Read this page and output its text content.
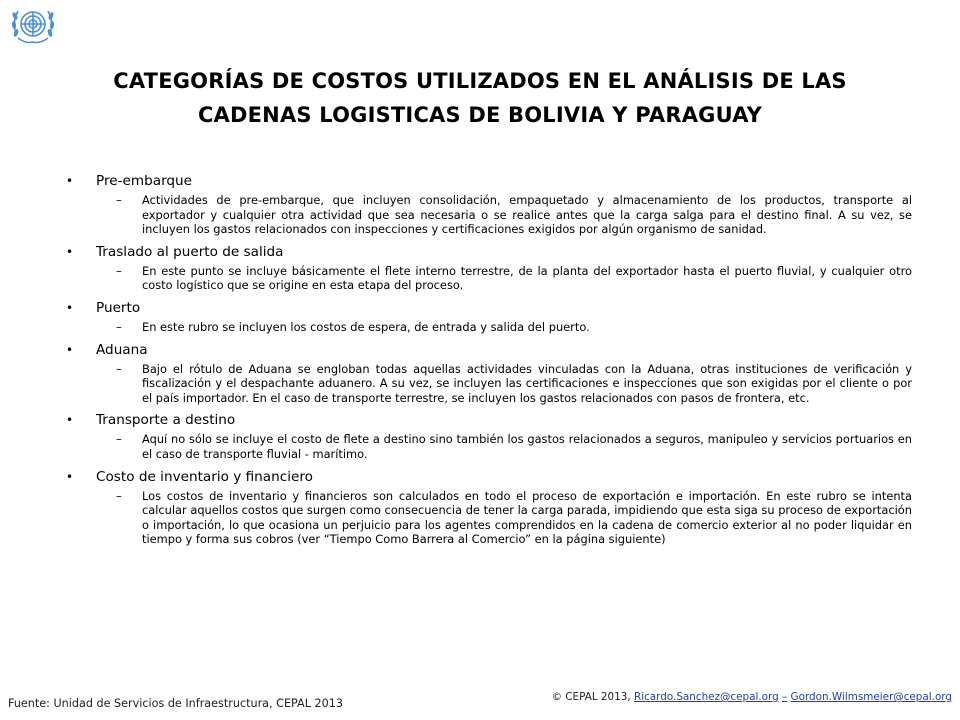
CATEGORÍAS DE COSTOS UTILIZADOS EN EL ANÁLISIS DE LAS
CADENAS LOGISTICAS DE BOLIVIA Y PARAGUAY
• Pre-embarque
– Actividades de pre-embarque, que incluyen consolidación, empaquetado y almacenamiento de los productos, transporte al exportador y cualquier otra actividad que sea necesaria o se realice antes que la carga salga para el destino final. A su vez, se incluyen los gastos relacionados con inspecciones y certificaciones exigidos por algún organismo de sanidad.
• Traslado al puerto de salida
– En este punto se incluye básicamente el flete interno terrestre, de la planta del exportador hasta el puerto fluvial, y cualquier otro costo logístico que se origine en esta etapa del proceso.
• Puerto
– En este rubro se incluyen los costos de espera, de entrada y salida del puerto.
• Aduana
– Bajo el rótulo de Aduana se engloban todas aquellas actividades vinculadas con la Aduana, otras instituciones de verificación y fiscalización y el despachante aduanero. A su vez, se incluyen las certificaciones e inspecciones que son exigidas por el cliente o por el país importador. En el caso de transporte terrestre, se incluyen los gastos relacionados con pasos de frontera, etc.
• Transporte a destino
– Aquí no sólo se incluye el costo de flete a destino sino también los gastos relacionados a seguros, manipuleo y servicios portuarios en el caso de transporte fluvial - marítimo.
• Costo de inventario y financiero
– Los costos de inventario y financieros son calculados en todo el proceso de exportación e importación. En este rubro se intenta calcular aquellos costos que surgen como consecuencia de tener la carga parada, impidiendo que esta siga su proceso de exportación o importación, lo que ocasiona un perjuicio para los agentes comprendidos en la cadena de comercio exterior al no poder liquidar en tiempo y forma sus cobros (ver “Tiempo Como Barrera al Comercio” en la página siguiente)
Fuente: Unidad de Servicios de Infraestructura, CEPAL 2013	© CEPAL 2013, Ricardo.Sanchez@cepal.org – Gordon.Wilmsmeier@cepal.org
